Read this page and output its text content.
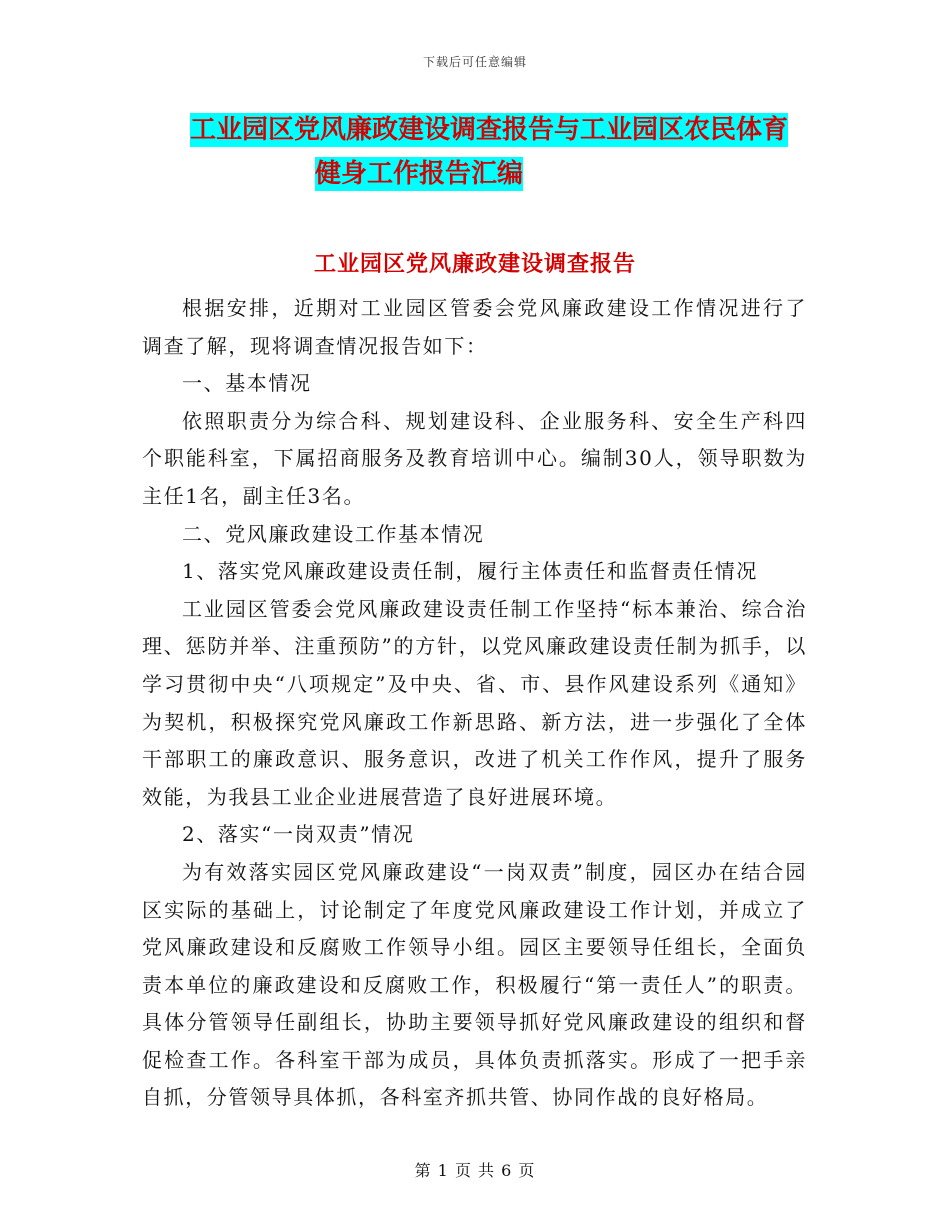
下载后可任意编辑
工业园区党风廉政建设调查报告与工业园区农民体育
健身工作报告汇编
工业园区党风廉政建设调查报告

根据安排，近期对工业园区管委会党风廉政建设工作情况进行了调查了解，现将调查情况报告如下：

一、基本情况

依照职责分为综合科、规划建设科、企业服务科、安全生产科四个职能科室，下属招商服务及教育培训中心。编制30人，领导职数为主任1名，副主任3名。

二、党风廉政建设工作基本情况

1、落实党风廉政建设责任制，履行主体责任和监督责任情况

工业园区管委会党风廉政建设责任制工作坚持“标本兼治、综合治理、惩防并举、注重预防”的方针，以党风廉政建设责任制为抓手，以学习贯彻中央“八项规定”及中央、省、市、县作风建设系列《通知》为契机，积极探究党风廉政工作新思路、新方法，进一步强化了全体干部职工的廉政意识、服务意识，改进了机关工作作风，提升了服务效能，为我县工业企业进展营造了良好进展环境。

2、落实“一岗双责”情况

为有效落实园区党风廉政建设“一岗双责”制度，园区办在结合园区实际的基础上，讨论制定了年度党风廉政建设工作计划，并成立了党风廉政建设和反腐败工作领导小组。园区主要领导任组长，全面负责本单位的廉政建设和反腐败工作，积极履行“第一责任人”的职责。具体分管领导任副组长，协助主要领导抓好党风廉政建设的组织和督促检查工作。各科室干部为成员，具体负责抓落实。形成了一把手亲自抓，分管领导具体抓，各科室齐抓共管、协同作战的良好格局。

第 1 页 共 6 页
